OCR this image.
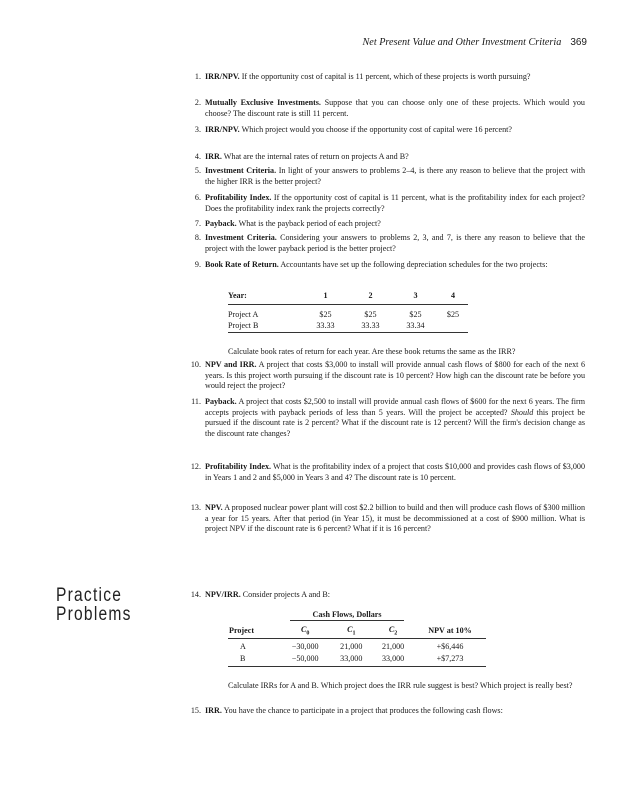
Net Present Value and Other Investment Criteria 369
1. IRR/NPV. If the opportunity cost of capital is 11 percent, which of these projects is worth pursuing?
2. Mutually Exclusive Investments. Suppose that you can choose only one of these projects. Which would you choose? The discount rate is still 11 percent.
3. IRR/NPV. Which project would you choose if the opportunity cost of capital were 16 percent?
4. IRR. What are the internal rates of return on projects A and B?
5. Investment Criteria. In light of your answers to problems 2–4, is there any reason to believe that the project with the higher IRR is the better project?
6. Profitability Index. If the opportunity cost of capital is 11 percent, what is the profitability index for each project? Does the profitability index rank the projects correctly?
7. Payback. What is the payback period of each project?
8. Investment Criteria. Considering your answers to problems 2, 3, and 7, is there any reason to believe that the project with the lower payback period is the better project?
9. Book Rate of Return. Accountants have set up the following depreciation schedules for the two projects:
Year:	1	2	3	4

Project A	$25	$25	$25	$25
Project B	33.33	33.33	33.34	
Calculate book rates of return for each year. Are these book returns the same as the IRR?
10. NPV and IRR. A project that costs $3,000 to install will provide annual cash flows of $800 for each of the next 6 years. Is this project worth pursuing if the discount rate is 10 percent? How high can the discount rate be before you would reject the project?
11. Payback. A project that costs $2,500 to install will provide annual cash flows of $600 for the next 6 years. The firm accepts projects with payback periods of less than 5 years. Will the project be accepted? Should this project be pursued if the discount rate is 2 percent? What if the discount rate is 12 percent? Will the firm's decision change as the discount rate changes?
12. Profitability Index. What is the profitability index of a project that costs $10,000 and provides cash flows of $3,000 in Years 1 and 2 and $5,000 in Years 3 and 4? The discount rate is 10 percent.
13. NPV. A proposed nuclear power plant will cost $2.2 billion to build and then will produce cash flows of $300 million a year for 15 years. After that period (in Year 15), it must be decommissioned at a cost of $900 million. What is project NPV if the discount rate is 6 percent? What if it is 16 percent?
Practice
Problems
14. NPV/IRR. Consider projects A and B:
Cash Flows, Dollars
Project	$C_0$	$C_1$	$C_2$	NPV at 10%
A	−30,000	21,000	21,000	+$6,446
B	−50,000	33,000	33,000	+$7,273
Calculate IRRs for A and B. Which project does the IRR rule suggest is best? Which project is really best?
15. IRR. You have the chance to participate in a project that produces the following cash flows:
